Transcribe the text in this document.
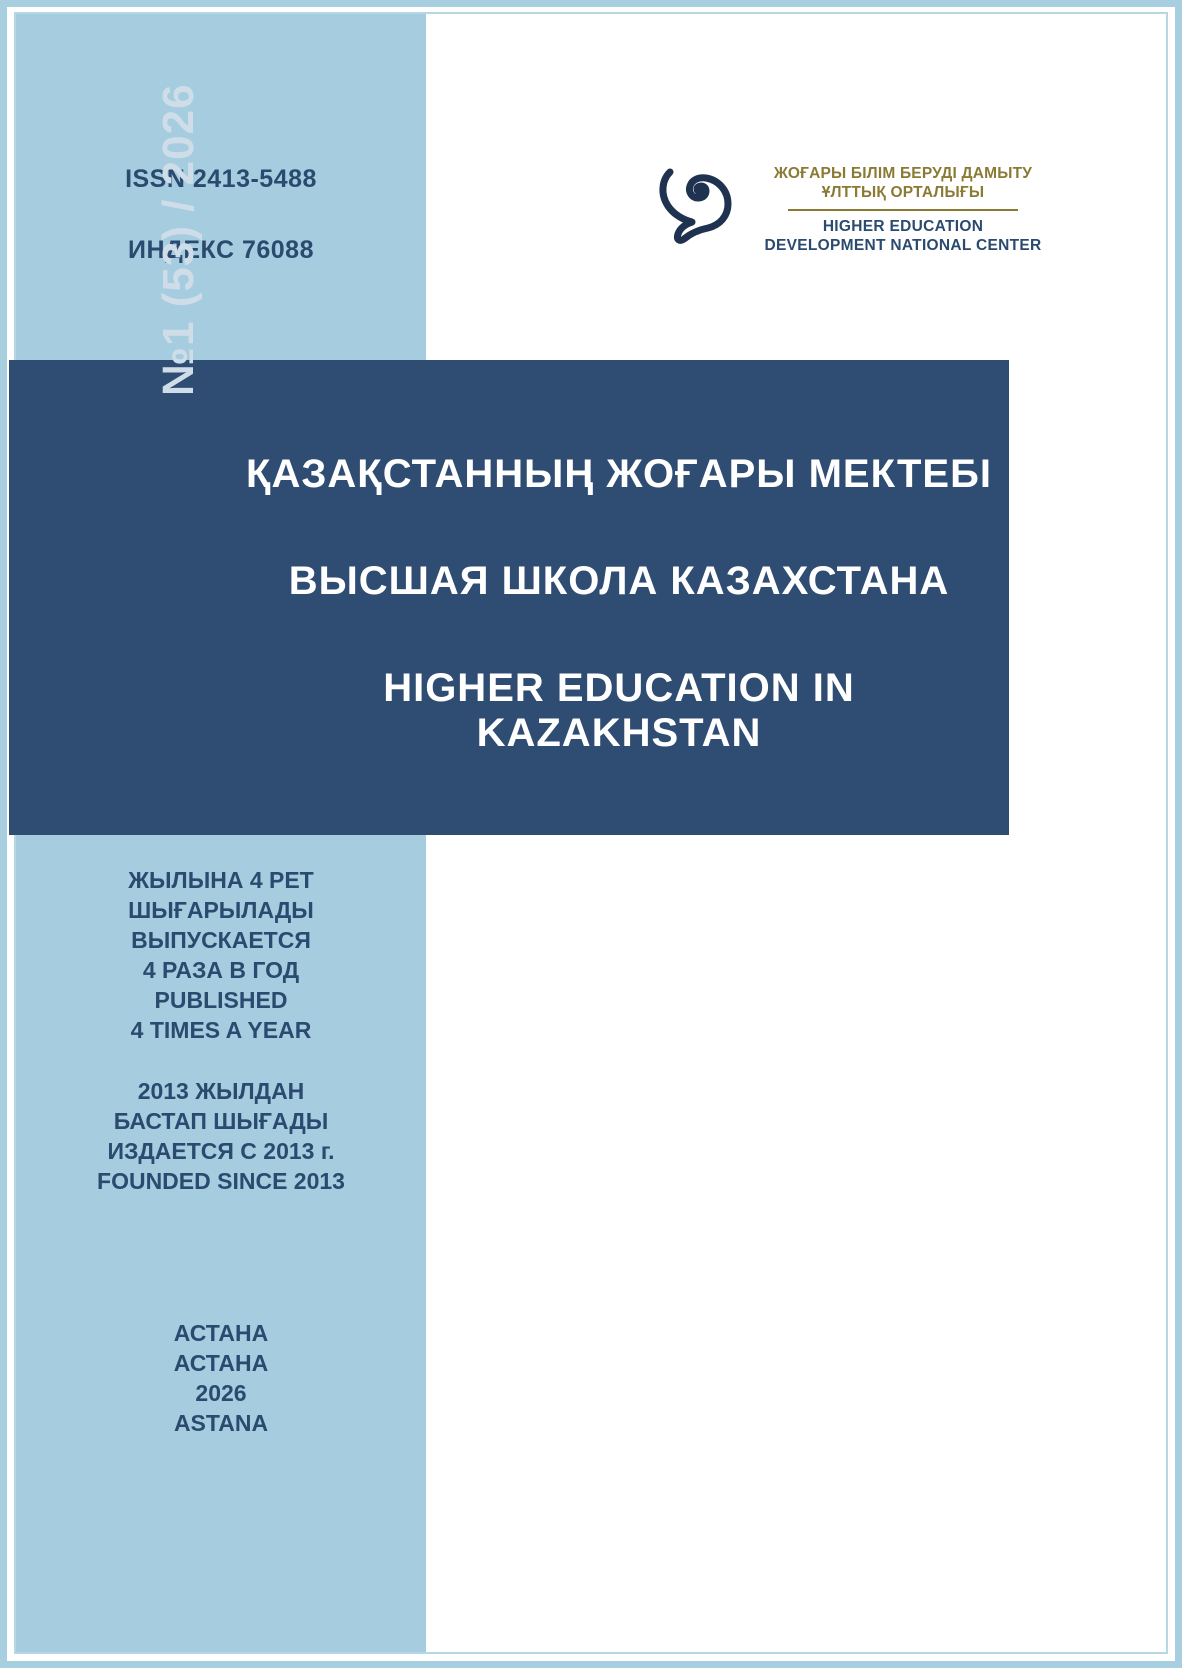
ISSN 2413-5488
ИНДЕКС 76088
ЖОҒАРЫ БІЛІМ БЕРУДІ ДАМЫТУ
ҰЛТТЫҚ ОРТАЛЫҒЫ
HIGHER EDUCATION
DEVELOPMENT NATIONAL CENTER
№1 (53) / 2026
ҚАЗАҚСТАННЫҢ ЖОҒАРЫ МЕКТЕБІ
ВЫСШАЯ ШКОЛА КАЗАХСТАНА
HIGHER EDUCATION IN KAZAKHSTAN
ЖЫЛЫНА 4 РЕТ
ШЫҒАРЫЛАДЫ
ВЫПУСКАЕТСЯ
4 РАЗА В ГОД
PUBLISHED
4 TIMES A YEAR
2013 ЖЫЛДАН
БАСТАП ШЫҒАДЫ
ИЗДАЕТСЯ С 2013 г.
FOUNDED SINCE 2013
АСТАНА
АСТАНА
2026
ASTANA
